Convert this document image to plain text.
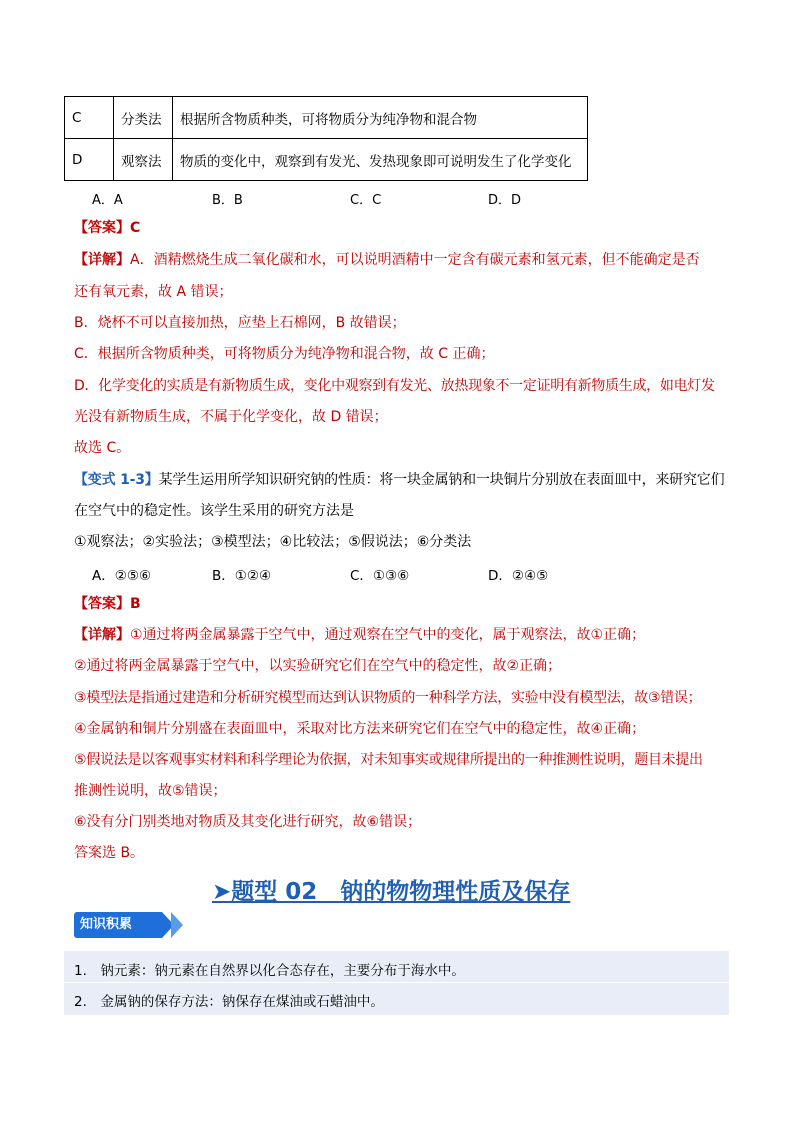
C	分类法	根据所含物质种类，可将物质分为纯净物和混合物
D	观察法	物质的变化中，观察到有发光、发热现象即可说明发生了化学变化
A．A	B．B	C．C	D．D
【答案】C
【详解】A．酒精燃烧生成二氧化碳和水，可以说明酒精中一定含有碳元素和氢元素，但不能确定是否
还有氧元素，故 A 错误；
B．烧杯不可以直接加热，应垫上石棉网，B 故错误；
C．根据所含物质种类，可将物质分为纯净物和混合物，故 C 正确；
D．化学变化的实质是有新物质生成，变化中观察到有发光、放热现象不一定证明有新物质生成，如电灯发
光没有新物质生成，不属于化学变化，故 D 错误；
故选 C。
【变式 1-3】某学生运用所学知识研究钠的性质：将一块金属钠和一块铜片分别放在表面皿中，来研究它们
在空气中的稳定性。该学生采用的研究方法是
①观察法；②实验法；③模型法；④比较法；⑤假说法；⑥分类法
A．②⑤⑥	B．①②④	C．①③⑥	D．②④⑤
【答案】B
【详解】①通过将两金属暴露于空气中，通过观察在空气中的变化，属于观察法，故①正确；
②通过将两金属暴露于空气中，以实验研究它们在空气中的稳定性，故②正确；
③模型法是指通过建造和分析研究模型而达到认识物质的一种科学方法，实验中没有模型法，故③错误；
④金属钠和铜片分别盛在表面皿中，采取对比方法来研究它们在空气中的稳定性，故④正确；
⑤假说法是以客观事实材料和科学理论为依据，对未知事实或规律所提出的一种推测性说明，题目未提出
推测性说明，故⑤错误；
⑥没有分门别类地对物质及其变化进行研究，故⑥错误；
答案选 B。
➤题型 02　钠的物物理性质及保存
知识积累
1.　钠元素：钠元素在自然界以化合态存在，主要分布于海水中。
2.　金属钠的保存方法：钠保存在煤油或石蜡油中。
